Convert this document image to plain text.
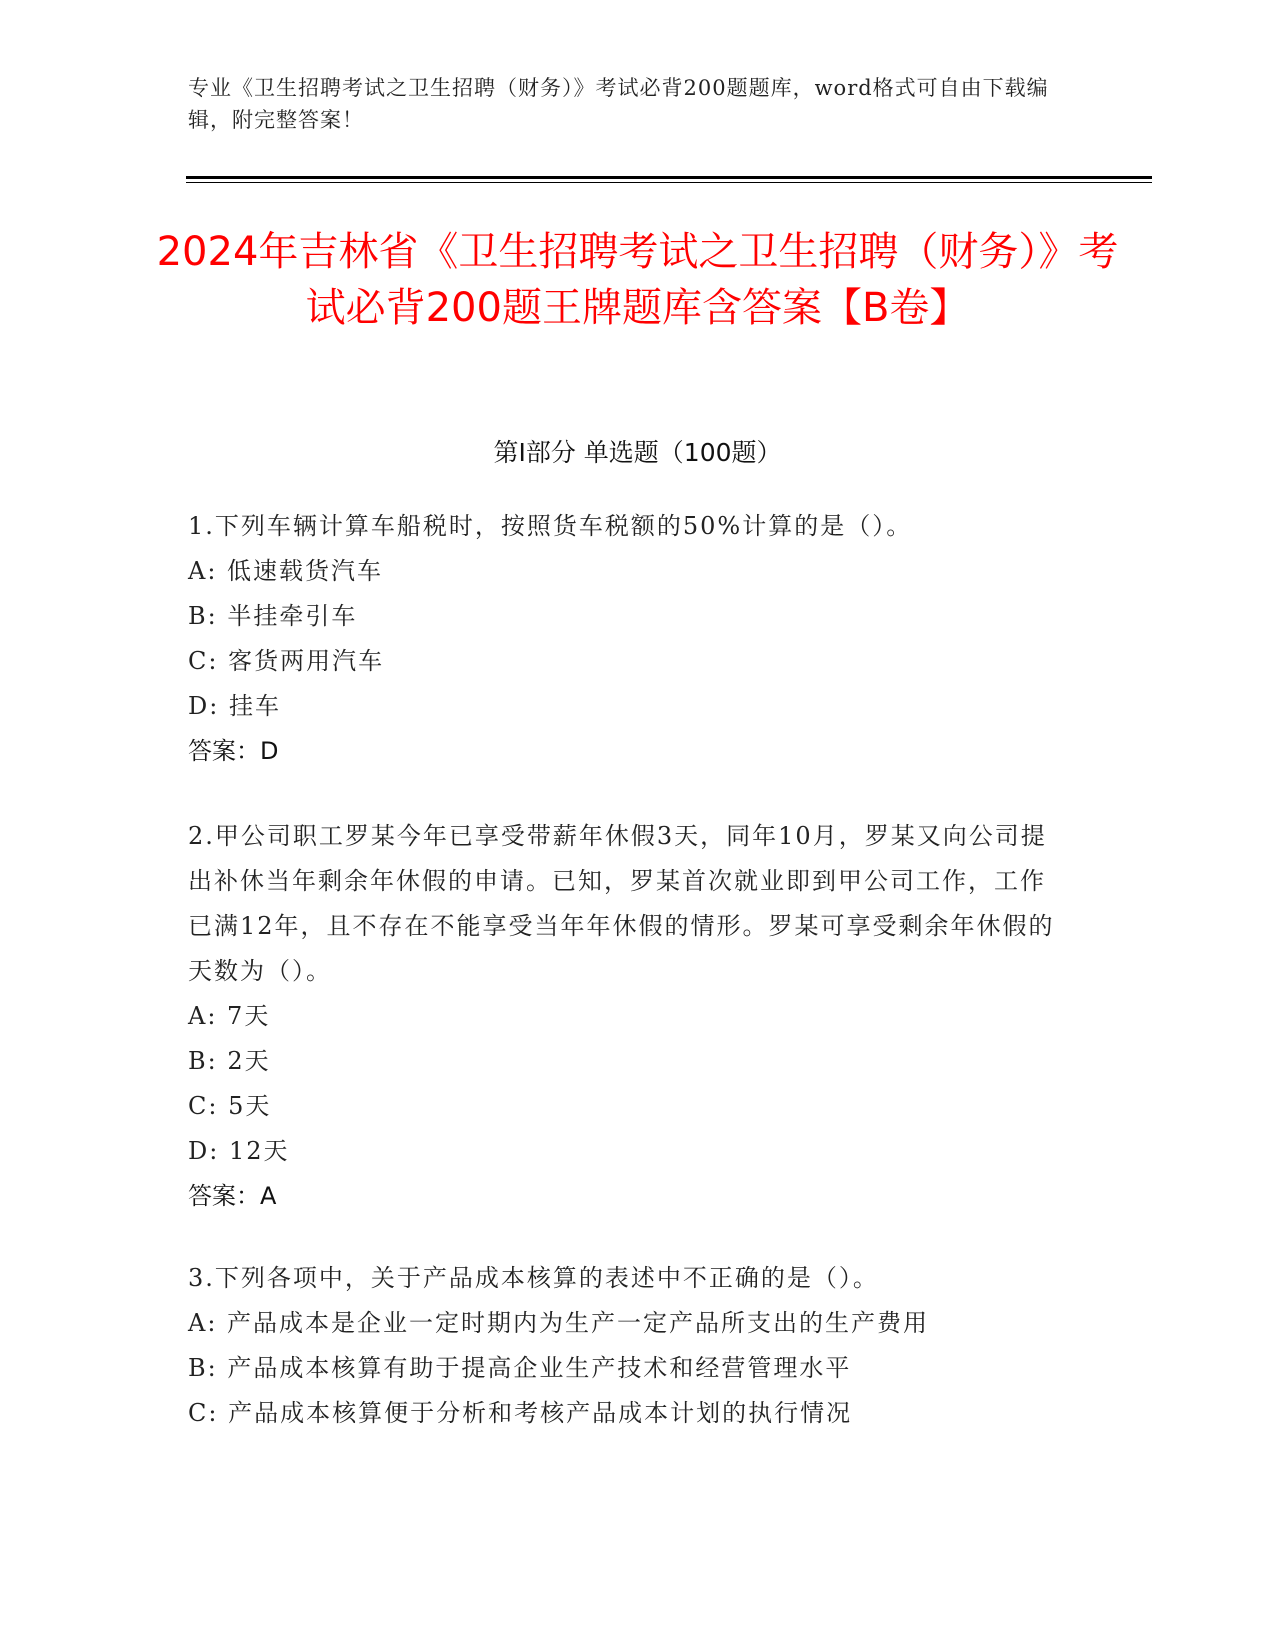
专业《卫生招聘考试之卫生招聘（财务）》考试必背200题题库，word格式可自由下载编辑，附完整答案！
2024年吉林省《卫生招聘考试之卫生招聘（财务）》考试必背200题王牌题库含答案【B卷】
第I部分 单选题（100题）
1.下列车辆计算车船税时，按照货车税额的50%计算的是（）。
A: 低速载货汽车
B: 半挂牵引车
C: 客货两用汽车
D: 挂车
答案：D
2.甲公司职工罗某今年已享受带薪年休假3天，同年10月，罗某又向公司提出补休当年剩余年休假的申请。已知，罗某首次就业即到甲公司工作，工作已满12年，且不存在不能享受当年年休假的情形。罗某可享受剩余年休假的天数为（）。
A: 7天
B: 2天
C: 5天
D: 12天
答案：A
3.下列各项中，关于产品成本核算的表述中不正确的是（）。
A: 产品成本是企业一定时期内为生产一定产品所支出的生产费用
B: 产品成本核算有助于提高企业生产技术和经营管理水平
C: 产品成本核算便于分析和考核产品成本计划的执行情况
